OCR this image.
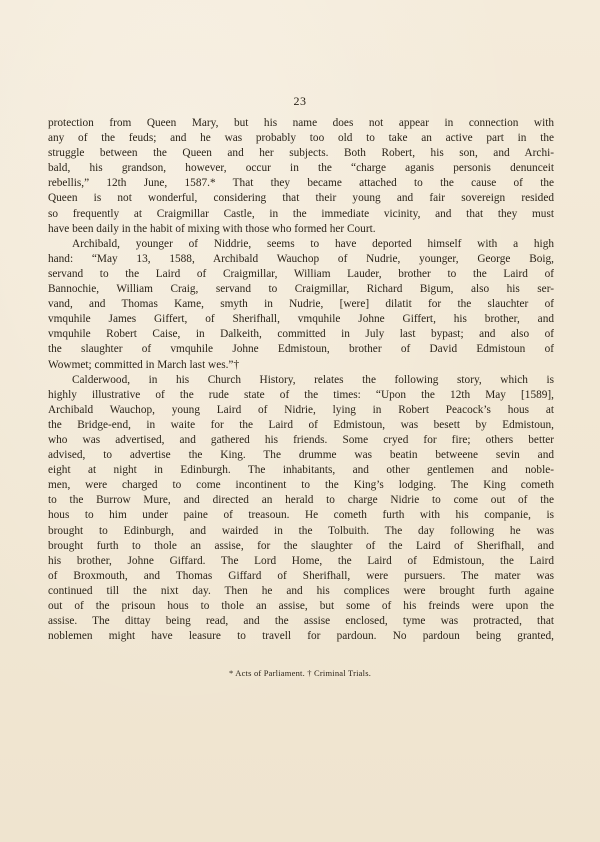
23
protection from Queen Mary, but his name does not appear in connection with
any of the feuds; and he was probably too old to take an active part in the
struggle between the Queen and her subjects. Both Robert, his son, and Archi-
bald, his grandson, however, occur in the “charge aganis personis denunceit
rebellis,” 12th June, 1587.* That they became attached to the cause of the
Queen is not wonderful, considering that their young and fair sovereign resided
so frequently at Craigmillar Castle, in the immediate vicinity, and that they must
have been daily in the habit of mixing with those who formed her Court.
Archibald, younger of Niddrie, seems to have deported himself with a high
hand: “May 13, 1588, Archibald Wauchop of Nudrie, younger, George Boig,
servand to the Laird of Craigmillar, William Lauder, brother to the Laird of
Bannochie, William Craig, servand to Craigmillar, Richard Bigum, also his ser-
vand, and Thomas Kame, smyth in Nudrie, [were] dilatit for the slauchter of
vmquhile James Giffert, of Sherifhall, vmquhile Johne Giffert, his brother, and
vmquhile Robert Caise, in Dalkeith, committed in July last bypast; and also of
the slaughter of vmquhile Johne Edmistoun, brother of David Edmistoun of
Wowmet; committed in March last wes.”†
Calderwood, in his Church History, relates the following story, which is
highly illustrative of the rude state of the times: “Upon the 12th May [1589],
Archibald Wauchop, young Laird of Nidrie, lying in Robert Peacock’s hous at
the Bridge-end, in waite for the Laird of Edmistoun, was besett by Edmistoun,
who was advertised, and gathered his friends. Some cryed for fire; others better
advised, to advertise the King. The drumme was beatin betweene sevin and
eight at night in Edinburgh. The inhabitants, and other gentlemen and noble-
men, were charged to come incontinent to the King’s lodging. The King cometh
to the Burrow Mure, and directed an herald to charge Nidrie to come out of the
hous to him under paine of treasoun. He cometh furth with his companie, is
brought to Edinburgh, and wairded in the Tolbuith. The day following he was
brought furth to thole an assise, for the slaughter of the Laird of Sherifhall, and
his brother, Johne Giffard. The Lord Home, the Laird of Edmistoun, the Laird
of Broxmouth, and Thomas Giffard of Sherifhall, were pursuers. The mater was
continued till the nixt day. Then he and his complices were brought furth againe
out of the prisoun hous to thole an assise, but some of his freinds were upon the
assise. The dittay being read, and the assise enclosed, tyme was protracted, that
noblemen might have leasure to travell for pardoun. No pardoun being granted,
* Acts of Parliament. † Criminal Trials.
